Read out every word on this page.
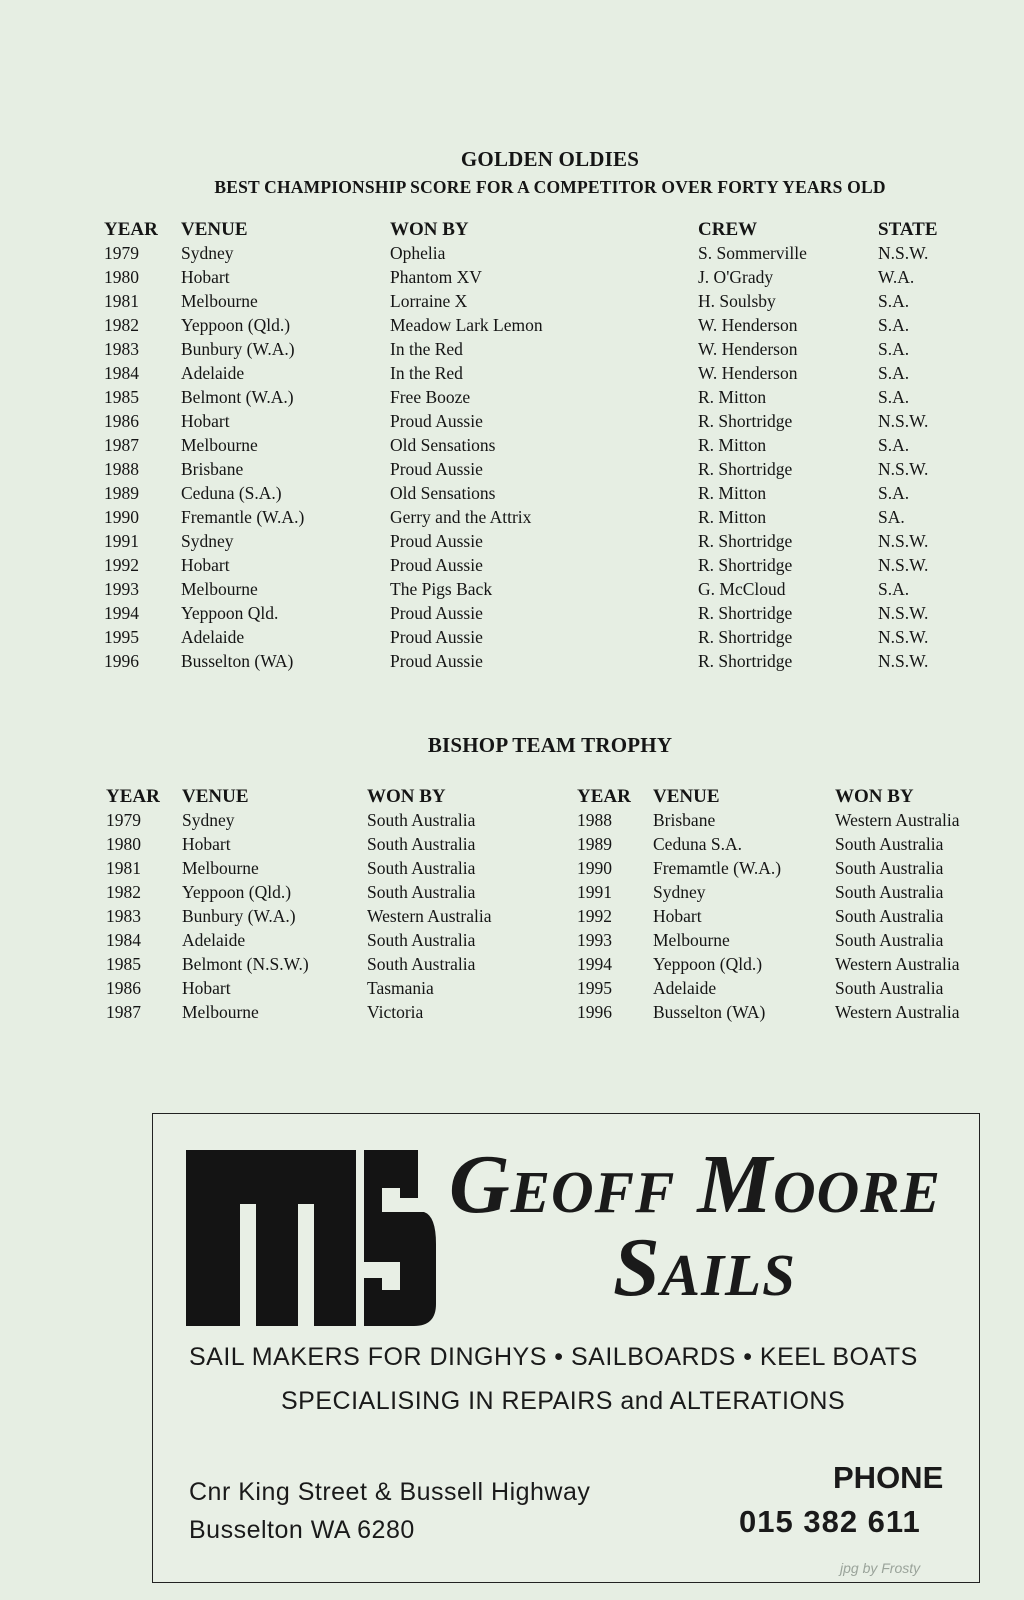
GOLDEN OLDIES
BEST CHAMPIONSHIP SCORE FOR A COMPETITOR OVER FORTY YEARS OLD
YEAR	VENUE	WON BY	CREW	STATE
1979	Sydney	Ophelia	S. Sommerville	N.S.W.
1980	Hobart	Phantom XV	J. O'Grady	W.A.
1981	Melbourne	Lorraine X	H. Soulsby	S.A.
1982	Yeppoon (Qld.)	Meadow Lark Lemon	W. Henderson	S.A.
1983	Bunbury (W.A.)	In the Red	W. Henderson	S.A.
1984	Adelaide	In the Red	W. Henderson	S.A.
1985	Belmont (W.A.)	Free Booze	R. Mitton	S.A.
1986	Hobart	Proud Aussie	R. Shortridge	N.S.W.
1987	Melbourne	Old Sensations	R. Mitton	S.A.
1988	Brisbane	Proud Aussie	R. Shortridge	N.S.W.
1989	Ceduna (S.A.)	Old Sensations	R. Mitton	S.A.
1990	Fremantle (W.A.)	Gerry and the Attrix	R. Mitton	SA.
1991	Sydney	Proud Aussie	R. Shortridge	N.S.W.
1992	Hobart	Proud Aussie	R. Shortridge	N.S.W.
1993	Melbourne	The Pigs Back	G. McCloud	S.A.
1994	Yeppoon Qld.	Proud Aussie	R. Shortridge	N.S.W.
1995	Adelaide	Proud Aussie	R. Shortridge	N.S.W.
1996	Busselton (WA)	Proud Aussie	R. Shortridge	N.S.W.
BISHOP TEAM TROPHY
YEAR	VENUE	WON BY
1979	Sydney	South Australia
1980	Hobart	South Australia
1981	Melbourne	South Australia
1982	Yeppoon (Qld.)	South Australia
1983	Bunbury (W.A.)	Western Australia
1984	Adelaide	South Australia
1985	Belmont (N.S.W.)	South Australia
1986	Hobart	Tasmania
1987	Melbourne	Victoria
YEAR	VENUE	WON BY
1988	Brisbane	Western Australia
1989	Ceduna S.A.	South Australia
1990	Fremamtle (W.A.)	South Australia
1991	Sydney	South Australia
1992	Hobart	South Australia
1993	Melbourne	South Australia
1994	Yeppoon (Qld.)	Western Australia
1995	Adelaide	South Australia
1996	Busselton (WA)	Western Australia
Geoff Moore
Sails
SAIL MAKERS FOR DINGHYS • SAILBOARDS • KEEL BOATS
SPECIALISING IN REPAIRS and ALTERATIONS
Cnr King Street & Bussell Highway
Busselton WA 6280
PHONE
015 382 611
jpg by Frosty
